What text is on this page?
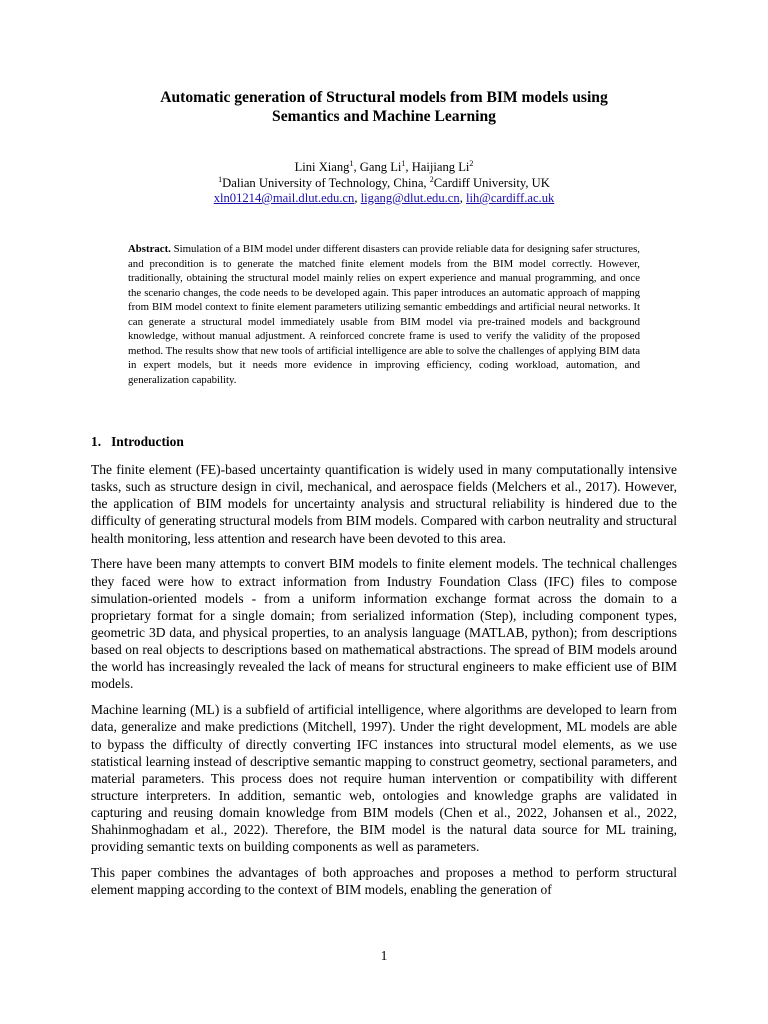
Automatic generation of Structural models from BIM models using
Semantics and Machine Learning
Lini Xiang$^1$, Gang Li$^1$, Haijiang Li$^2$
$^1$Dalian University of Technology, China, $^2$Cardiff University, UK
xln01214@mail.dlut.edu.cn, ligang@dlut.edu.cn, lih@cardiff.ac.uk
Abstract. Simulation of a BIM model under different disasters can provide reliable data for designing safer structures, and precondition is to generate the matched finite element models from the BIM model correctly. However, traditionally, obtaining the structural model mainly relies on expert experience and manual programming, and once the scenario changes, the code needs to be developed again. This paper introduces an automatic approach of mapping from BIM model context to finite element parameters utilizing semantic embeddings and artificial neural networks. It can generate a structural model immediately usable from BIM model via pre-trained models and background knowledge, without manual adjustment. A reinforced concrete frame is used to verify the validity of the proposed method. The results show that new tools of artificial intelligence are able to solve the challenges of applying BIM data in expert models, but it needs more evidence in improving efficiency, coding workload, automation, and generalization capability.
1. Introduction

The finite element (FE)-based uncertainty quantification is widely used in many computationally intensive tasks, such as structure design in civil, mechanical, and aerospace fields (Melchers et al., 2017). However, the application of BIM models for uncertainty analysis and structural reliability is hindered due to the difficulty of generating structural models from BIM models. Compared with carbon neutrality and structural health monitoring, less attention and research have been devoted to this area.

There have been many attempts to convert BIM models to finite element models. The technical challenges they faced were how to extract information from Industry Foundation Class (IFC) files to compose simulation-oriented models - from a uniform information exchange format across the domain to a proprietary format for a single domain; from serialized information (Step), including component types, geometric 3D data, and physical properties, to an analysis language (MATLAB, python); from descriptions based on real objects to descriptions based on mathematical abstractions. The spread of BIM models around the world has increasingly revealed the lack of means for structural engineers to make efficient use of BIM models.

Machine learning (ML) is a subfield of artificial intelligence, where algorithms are developed to learn from data, generalize and make predictions (Mitchell, 1997). Under the right development, ML models are able to bypass the difficulty of directly converting IFC instances into structural model elements, as we use statistical learning instead of descriptive semantic mapping to construct geometry, sectional parameters, and material parameters. This process does not require human intervention or compatibility with different structure interpreters. In addition, semantic web, ontologies and knowledge graphs are validated in capturing and reusing domain knowledge from BIM models (Chen et al., 2022, Johansen et al., 2022, Shahinmoghadam et al., 2022). Therefore, the BIM model is the natural data source for ML training, providing semantic texts on building components as well as parameters.

This paper combines the advantages of both approaches and proposes a method to perform structural element mapping according to the context of BIM models, enabling the generation of

1
